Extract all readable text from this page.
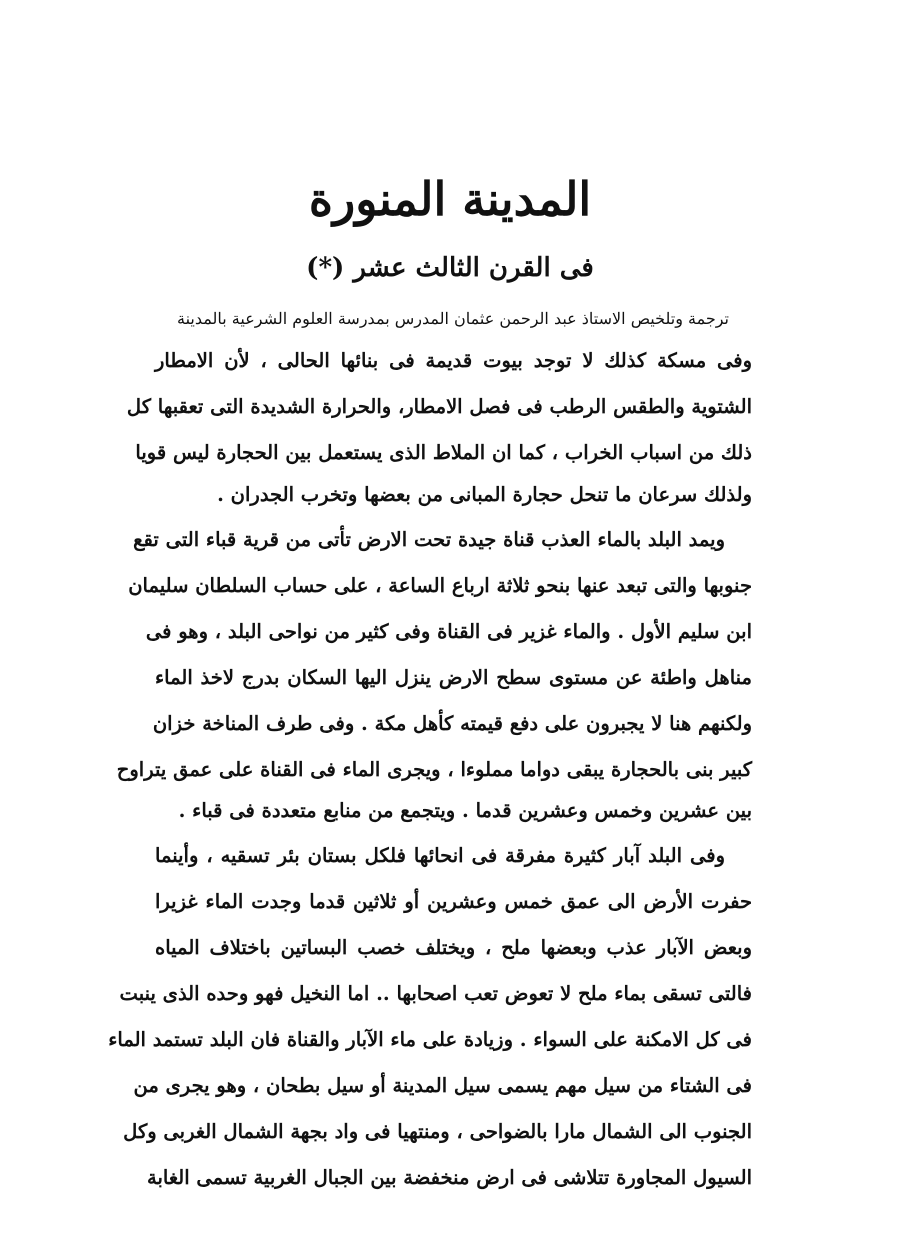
المدينة المنورة
فى القرن الثالث عشر (*)

ترجمة وتلخيص الاستاذ عبد الرحمن عثمان المدرس بمدرسة العلوم الشرعية بالمدينة

وفى مسكة كذلك لا توجد بيوت قديمة فى بنائها الحالى ، لأن الامطار

الشتوية والطقس الرطب فى فصل الامطار، والحرارة الشديدة التى تعقبها كل

ذلك من اسباب الخراب ، كما ان الملاط الذى يستعمل بين الحجارة ليس قويا

ولذلك سرعان ما تنحل حجارة المبانى من بعضها وتخرب الجدران .

ويمد البلد بالماء العذب قناة جيدة تحت الارض تأتى من قرية قباء التى تقع

جنوبها والتى تبعد عنها بنحو ثلاثة ارباع الساعة ، على حساب السلطان سليمان

ابن سليم الأول . والماء غزير فى القناة وفى كثير من نواحى البلد ، وهو فى

مناهل واطئة عن مستوى سطح الارض ينزل اليها السكان بدرج لاخذ الماء

ولكنهم هنا لا يجبرون على دفع قيمته كأهل مكة . وفى طرف المناخة خزان

كبير بنى بالحجارة يبقى دواما مملوءا ، ويجرى الماء فى القناة على عمق يتراوح

بين عشرين وخمس وعشرين قدما . ويتجمع من منابع متعددة فى قباء .

وفى البلد آبار كثيرة مفرقة فى انحائها فلكل بستان بئر تسقيه ، وأينما

حفرت الأرض الى عمق خمس وعشرين أو ثلاثين قدما وجدت الماء غزيرا

وبعض الآبار عذب وبعضها ملح ، ويختلف خصب البساتين باختلاف المياه

فالتى تسقى بماء ملح لا تعوض تعب اصحابها .. اما النخيل فهو وحده الذى ينبت

فى كل الامكنة على السواء . وزيادة على ماء الآبار والقناة فان البلد تستمد الماء

فى الشتاء من سيل مهم يسمى سيل المدينة أو سيل بطحان ، وهو يجرى من

الجنوب الى الشمال مارا بالضواحى ، ومنتهيا فى واد بجهة الشمال الغربى وكل

السيول المجاورة تتلاشى فى ارض منخفضة بين الجبال الغربية تسمى الغابة
